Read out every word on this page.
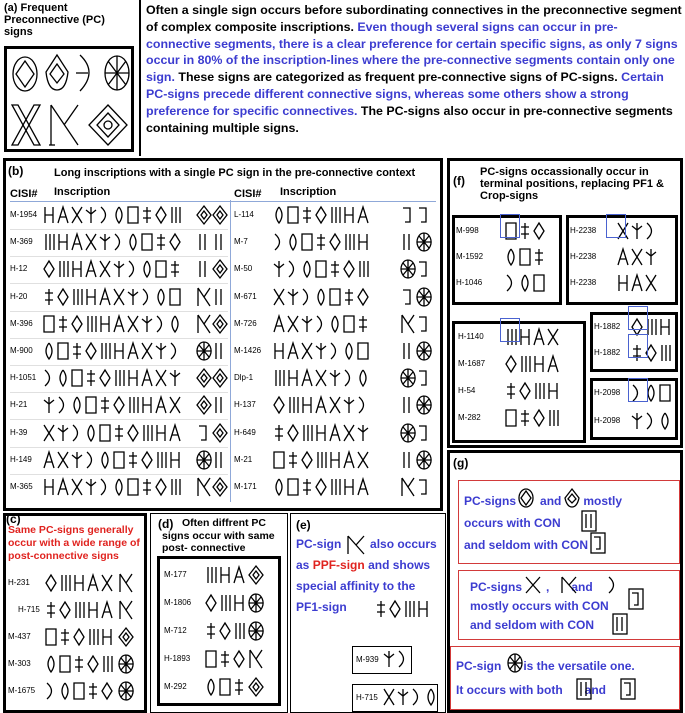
(a) Frequent Preconnective (PC) signs
Often a single sign occurs before subordinating connectives in the preconnective segment of complex composite inscriptions. Even though several signs can occur in pre-connective segments, there is a clear preference for certain specific signs, as only 7 signs occur in 80% of the inscription-lines where the pre-connective segments contain only one sign. These signs are categorized as frequent pre-connective signs of PC-signs. Certain PC-signs precede different connective signs, whereas some others show a strong preference for specific connectives. The PC-signs also occur in pre-connective segments containing multiple signs.
(b)	Long inscriptions with a single PC sign in the pre-connective context
CISI# Inscription	CISI# Inscription
M-1954
M-369
H-12
H-20
M-396
M-900
H-1051
H-21
H-39
H-149
M-365
L-114
M-7
M-50
M-671
M-726
M-1426
Dlp-1
H-137
H-649
M-21
M-171
(f)
PC-signs occassionally occur in terminal positions, replacing PF1 & Crop-signs
M-998
M-1592
H-1046
H-2238
H-2238
H-2238
H-1140
M-1687
H-54
M-282
H-1882
H-1882
H-2098
H-2098
(c)
Same PC-signs generally occur with a wide range of post-connective signs
H-231
H-715
M-437
M-303
M-1675
(d) Often diffrent PC signs occur with same post- connective
M-177
M-1806
M-712
H-1893
M-292
(e)
PC-sign also occurs as PPF-sign and shows special affinity to the
PF1-sign
M-939
H-715
(g)
PC-signs and mostly
occurs with CON
and seldom with CON
PC-signs , and
mostly occurs with CON
and seldom with CON
PC-sign is the versatile one.
It occurs with both and
